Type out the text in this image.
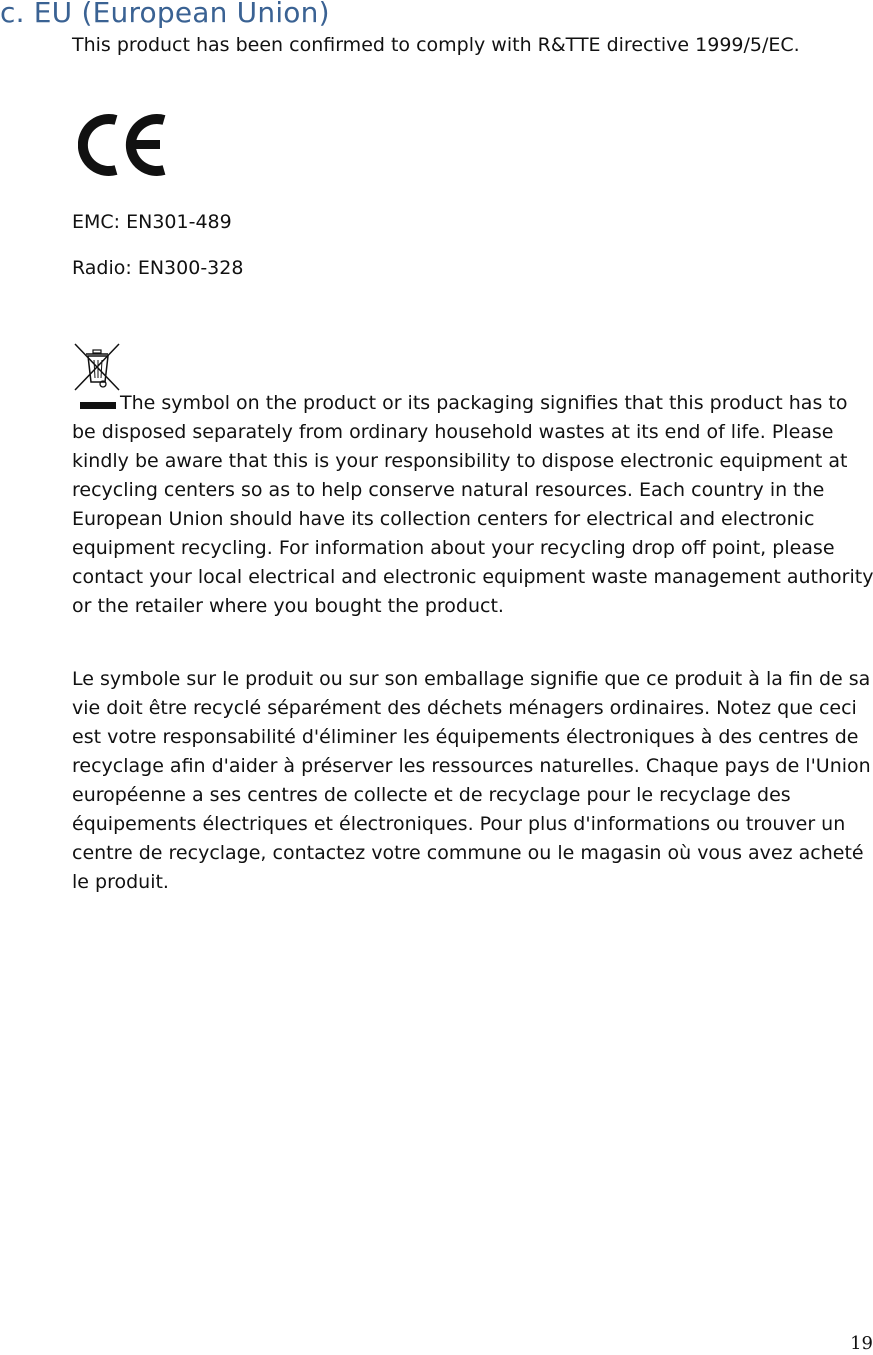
c. EU (European Union)

This product has been confirmed to comply with R&TTE directive 1999/5/EC.

EMC: EN301-489

Radio: EN300-328

The symbol on the product or its packaging signifies that this product has to be disposed separately from ordinary household wastes at its end of life. Please kindly be aware that this is your responsibility to dispose electronic equipment at recycling centers so as to help conserve natural resources. Each country in the European Union should have its collection centers for electrical and electronic equipment recycling. For information about your recycling drop off point, please contact your local electrical and electronic equipment waste management authority or the retailer where you bought the product.

Le symbole sur le produit ou sur son emballage signifie que ce produit à la fin de sa vie doit être recyclé séparément des déchets ménagers ordinaires. Notez que ceci est votre responsabilité d'éliminer les équipements électroniques à des centres de recyclage afin d'aider à préserver les ressources naturelles. Chaque pays de l'Union européenne a ses centres de collecte et de recyclage pour le recyclage des équipements électriques et électroniques. Pour plus d'informations ou trouver un centre de recyclage, contactez votre commune ou le magasin où vous avez acheté le produit.

19
